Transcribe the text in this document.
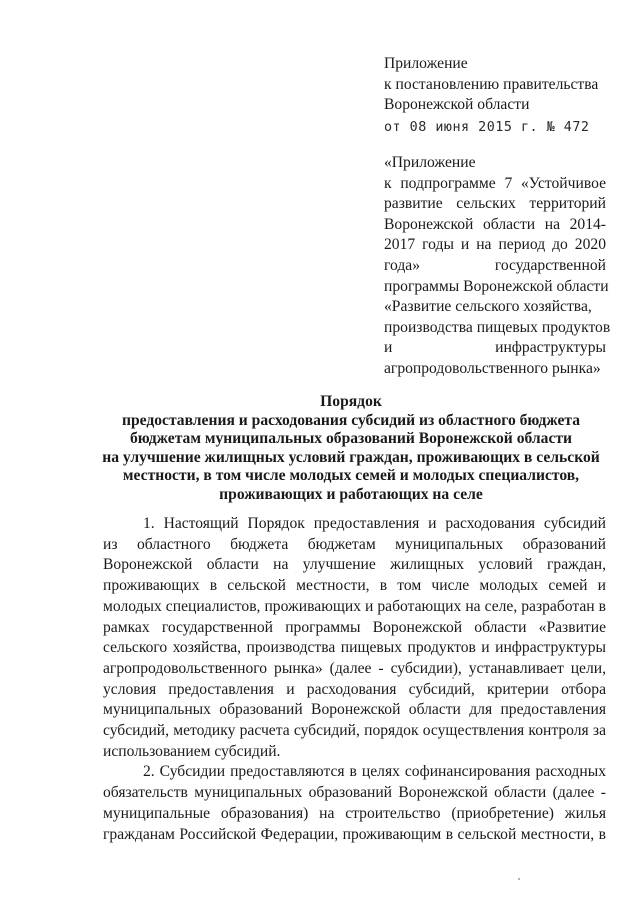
Приложение
к постановлению правительства
Воронежской области
от 08 июня 2015 г. № 472
«Приложение
к подпрограмме 7 «Устойчивое
развитие сельских территорий
Воронежской области на 2014-
2017 годы и на период до 2020
года» государственной
программы Воронежской области
«Развитие сельского хозяйства,
производства пищевых продуктов
и инфраструктуры
агропродовольственного рынка»
Порядок
предоставления и расходования субсидий из областного бюджета
бюджетам муниципальных образований Воронежской области
на улучшение жилищных условий граждан, проживающих в сельской
местности, в том числе молодых семей и молодых специалистов,
проживающих и работающих на селе
1. Настоящий Порядок предоставления и расходования субсидий
из областного бюджета бюджетам муниципальных образований
Воронежской области на улучшение жилищных условий граждан,
проживающих в сельской местности, в том числе молодых семей и
молодых специалистов, проживающих и работающих на селе, разработан в
рамках государственной программы Воронежской области «Развитие
сельского хозяйства, производства пищевых продуктов и инфраструктуры
агропродовольственного рынка» (далее - субсидии), устанавливает цели,
условия предоставления и расходования субсидий, критерии отбора
муниципальных образований Воронежской области для предоставления
субсидий, методику расчета субсидий, порядок осуществления контроля за
использованием субсидий.
2. Субсидии предоставляются в целях софинансирования расходных
обязательств муниципальных образований Воронежской области (далее -
муниципальные образования) на строительство (приобретение) жилья
гражданам Российской Федерации, проживающим в сельской местности, в
